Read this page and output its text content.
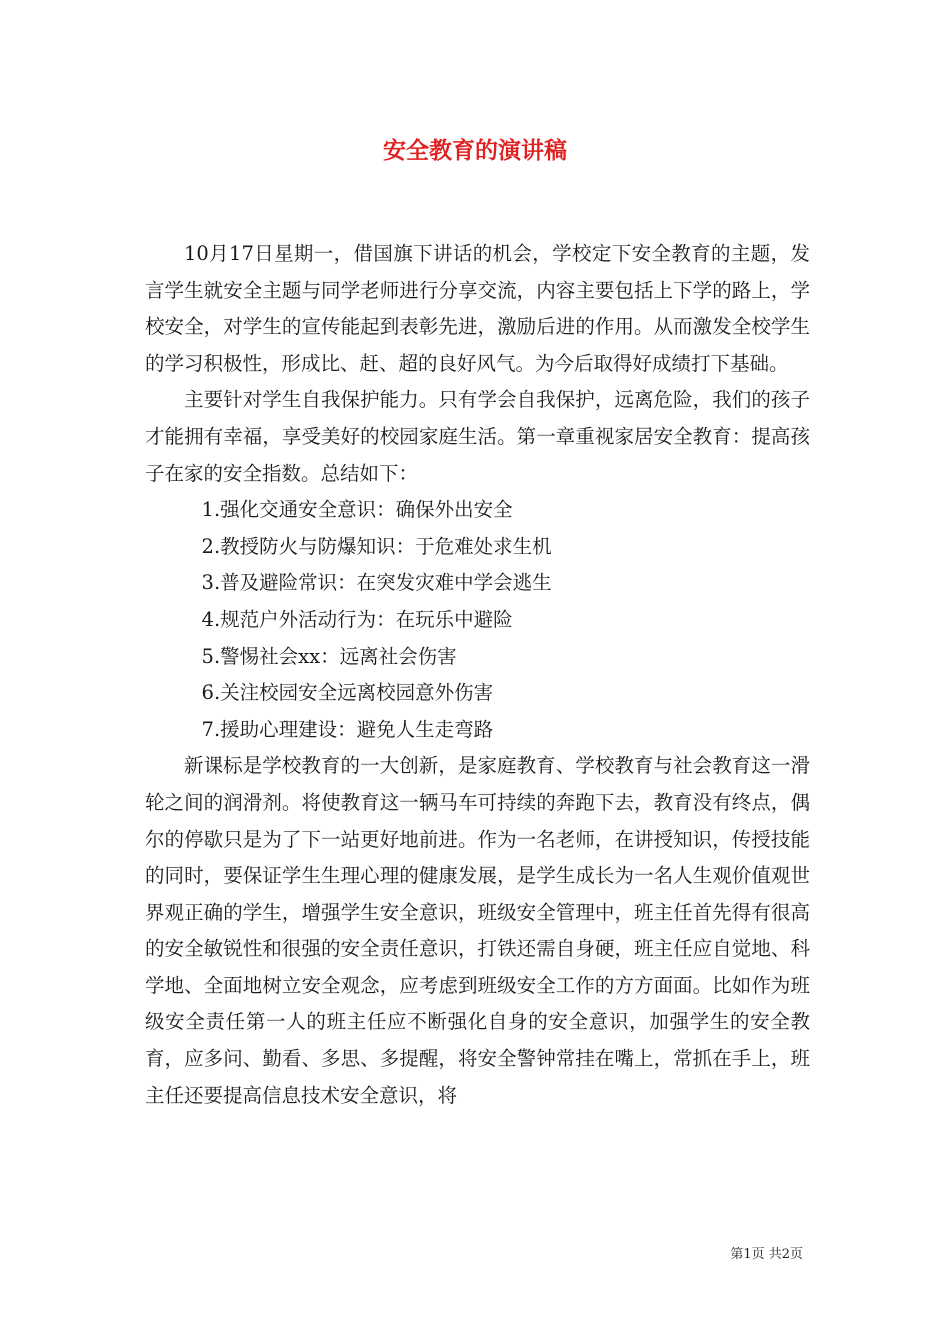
安全教育的演讲稿

10月17日星期一，借国旗下讲话的机会，学校定下安全教育的主题，发言学生就安全主题与同学老师进行分享交流，内容主要包括上下学的路上，学校安全，对学生的宣传能起到表彰先进，激励后进的作用。从而激发全校学生的学习积极性，形成比、赶、超的良好风气。为今后取得好成绩打下基础。

主要针对学生自我保护能力。只有学会自我保护，远离危险，我们的孩子才能拥有幸福，享受美好的校园家庭生活。第一章重视家居安全教育：提高孩子在家的安全指数。总结如下：

1.强化交通安全意识：确保外出安全
2.教授防火与防爆知识：于危难处求生机
3.普及避险常识：在突发灾难中学会逃生
4.规范户外活动行为：在玩乐中避险
5.警惕社会xx：远离社会伤害
6.关注校园安全远离校园意外伤害
7.援助心理建设：避免人生走弯路

新课标是学校教育的一大创新，是家庭教育、学校教育与社会教育这一滑轮之间的润滑剂。将使教育这一辆马车可持续的奔跑下去，教育没有终点，偶尔的停歇只是为了下一站更好地前进。作为一名老师，在讲授知识，传授技能的同时，要保证学生生理心理的健康发展，是学生成长为一名人生观价值观世界观正确的学生，增强学生安全意识，班级安全管理中，班主任首先得有很高的安全敏锐性和很强的安全责任意识，打铁还需自身硬，班主任应自觉地、科学地、全面地树立安全观念，应考虑到班级安全工作的方方面面。比如作为班级安全责任第一人的班主任应不断强化自身的安全意识，加强学生的安全教育，应多问、勤看、多思、多提醒，将安全警钟常挂在嘴上，常抓在手上，班主任还要提高信息技术安全意识，将

第1页 共2页
